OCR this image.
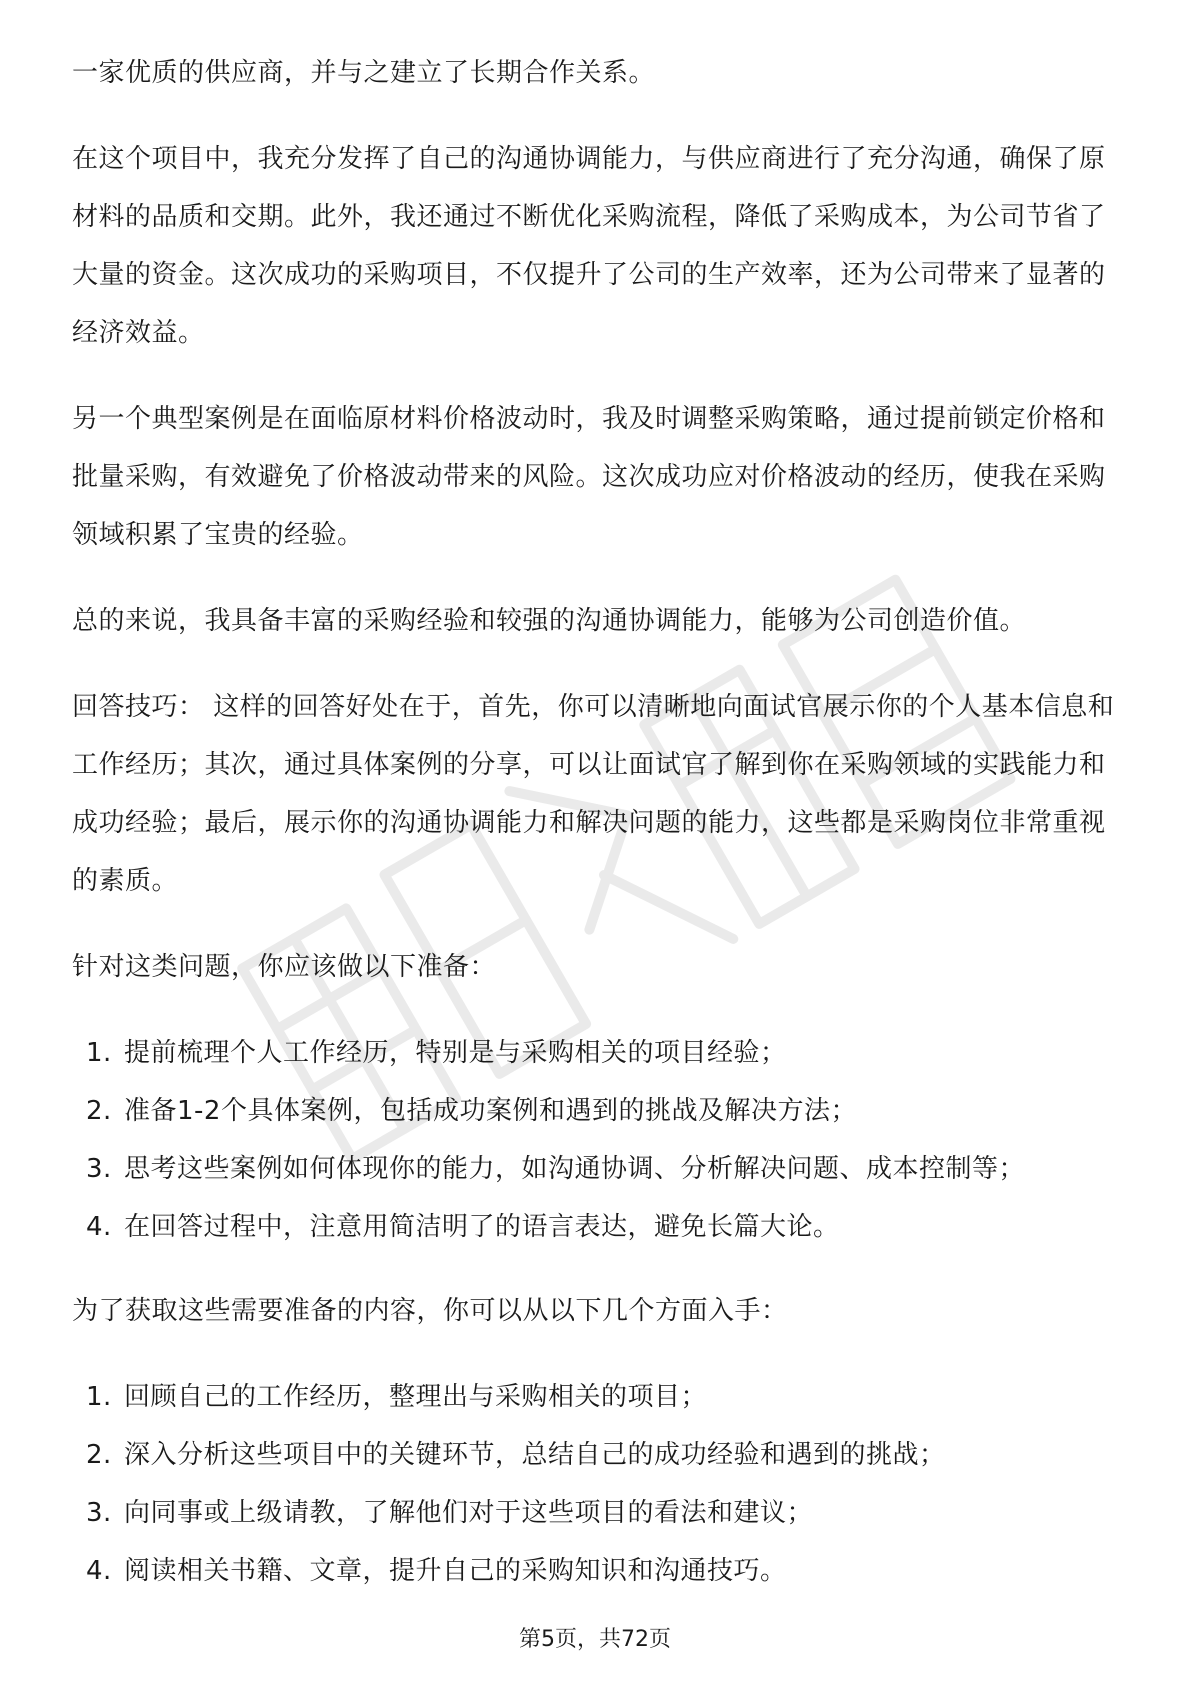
一家优质的供应商，并与之建立了长期合作关系。

在这个项目中，我充分发挥了自己的沟通协调能力，与供应商进行了充分沟通，确保了原材料的品质和交期。此外，我还通过不断优化采购流程，降低了采购成本，为公司节省了大量的资金。这次成功的采购项目，不仅提升了公司的生产效率，还为公司带来了显著的经济效益。

另一个典型案例是在面临原材料价格波动时，我及时调整采购策略，通过提前锁定价格和批量采购，有效避免了价格波动带来的风险。这次成功应对价格波动的经历，使我在采购领域积累了宝贵的经验。

总的来说，我具备丰富的采购经验和较强的沟通协调能力，能够为公司创造价值。

回答技巧： 这样的回答好处在于，首先，你可以清晰地向面试官展示你的个人基本信息和工作经历；其次，通过具体案例的分享，可以让面试官了解到你在采购领域的实践能力和成功经验；最后，展示你的沟通协调能力和解决问题的能力，这些都是采购岗位非常重视的素质。

针对这类问题，你应该做以下准备：

1. 提前梳理个人工作经历，特别是与采购相关的项目经验；
2. 准备1-2个具体案例，包括成功案例和遇到的挑战及解决方法；
3. 思考这些案例如何体现你的能力，如沟通协调、分析解决问题、成本控制等；
4. 在回答过程中，注意用简洁明了的语言表达，避免长篇大论。

为了获取这些需要准备的内容，你可以从以下几个方面入手：

1. 回顾自己的工作经历，整理出与采购相关的项目；
2. 深入分析这些项目中的关键环节，总结自己的成功经验和遇到的挑战；
3. 向同事或上级请教，了解他们对于这些项目的看法和建议；
4. 阅读相关书籍、文章，提升自己的采购知识和沟通技巧。
第5页，共72页
